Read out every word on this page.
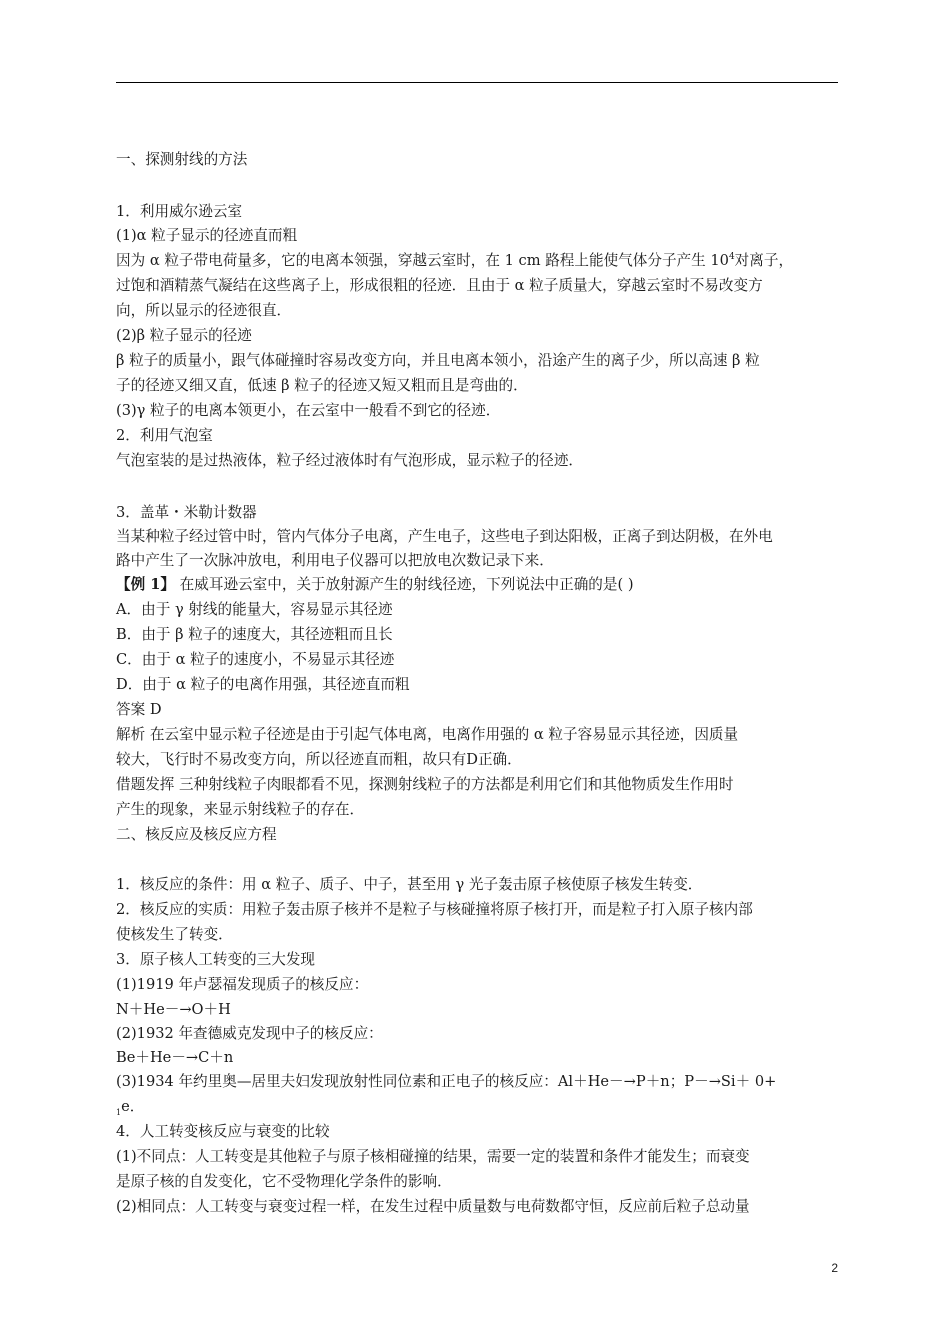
一、探测射线的方法
1．利用威尔逊云室
(1)α 粒子显示的径迹直而粗
因为 α 粒子带电荷量多，它的电离本领强，穿越云室时，在 1 cm 路程上能使气体分子产生 $10^4$对离子，
过饱和酒精蒸气凝结在这些离子上，形成很粗的径迹．且由于 α 粒子质量大，穿越云室时不易改变方
向，所以显示的径迹很直．
(2)β 粒子显示的径迹
β 粒子的质量小，跟气体碰撞时容易改变方向，并且电离本领小，沿途产生的离子少，所以高速 β 粒
子的径迹又细又直，低速 β 粒子的径迹又短又粗而且是弯曲的．
(3)γ 粒子的电离本领更小，在云室中一般看不到它的径迹．
2．利用气泡室
气泡室装的是过热液体，粒子经过液体时有气泡形成，显示粒子的径迹．
3．盖革・米勒计数器
当某种粒子经过管中时，管内气体分子电离，产生电子，这些电子到达阳极，正离子到达阴极，在外电
路中产生了一次脉冲放电，利用电子仪器可以把放电次数记录下来．
【例 1】 在威耳逊云室中，关于放射源产生的射线径迹，下列说法中正确的是( )
A．由于 γ 射线的能量大，容易显示其径迹
B．由于 β 粒子的速度大，其径迹粗而且长
C．由于 α 粒子的速度小，不易显示其径迹
D．由于 α 粒子的电离作用强，其径迹直而粗
答案 D
解析 在云室中显示粒子径迹是由于引起气体电离，电离作用强的 α 粒子容易显示其径迹，因质量
较大，飞行时不易改变方向，所以径迹直而粗，故只有D正确．
借题发挥 三种射线粒子肉眼都看不见，探测射线粒子的方法都是利用它们和其他物质发生作用时
产生的现象，来显示射线粒子的存在．
二、核反应及核反应方程
1．核反应的条件：用 α 粒子、质子、中子，甚至用 γ 光子轰击原子核使原子核发生转变．
2．核反应的实质：用粒子轰击原子核并不是粒子与核碰撞将原子核打开，而是粒子打入原子核内部
使核发生了转变．
3．原子核人工转变的三大发现
(1)1919 年卢瑟福发现质子的核反应：
N＋He－→O＋H
(2)1932 年查德威克发现中子的核反应：
Be＋He－→C＋n
(3)1934 年约里奥—居里夫妇发现放射性同位素和正电子的核反应：Al＋He－→P＋n；P－→Si＋ 0+
$_1$e．
4．人工转变核反应与衰变的比较
(1)不同点：人工转变是其他粒子与原子核相碰撞的结果，需要一定的装置和条件才能发生；而衰变
是原子核的自发变化，它不受物理化学条件的影响．
(2)相同点：人工转变与衰变过程一样，在发生过程中质量数与电荷数都守恒，反应前后粒子总动量
2
